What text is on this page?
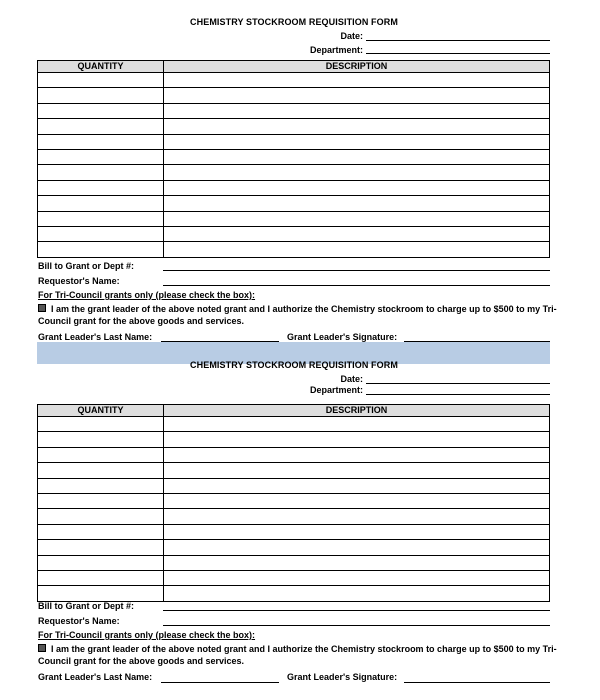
CHEMISTRY STOCKROOM REQUISITION FORM
Date:
Department:
QUANTITY	DESCRIPTION

Bill to Grant or Dept #:
Requestor's Name:
For Tri-Council grants only (please check the box):
I am the grant leader of the above noted grant and I authorize the Chemistry stockroom to charge up to $500 to my Tri-Council grant for the above goods and services.
Grant Leader's Last Name:	Grant Leader's Signature:
CHEMISTRY STOCKROOM REQUISITION FORM
Date:
Department:
QUANTITY	DESCRIPTION

Bill to Grant or Dept #:
Requestor's Name:
For Tri-Council grants only (please check the box):
I am the grant leader of the above noted grant and I authorize the Chemistry stockroom to charge up to $500 to my Tri-Council grant for the above goods and services.
Grant Leader's Last Name:	Grant Leader's Signature:
